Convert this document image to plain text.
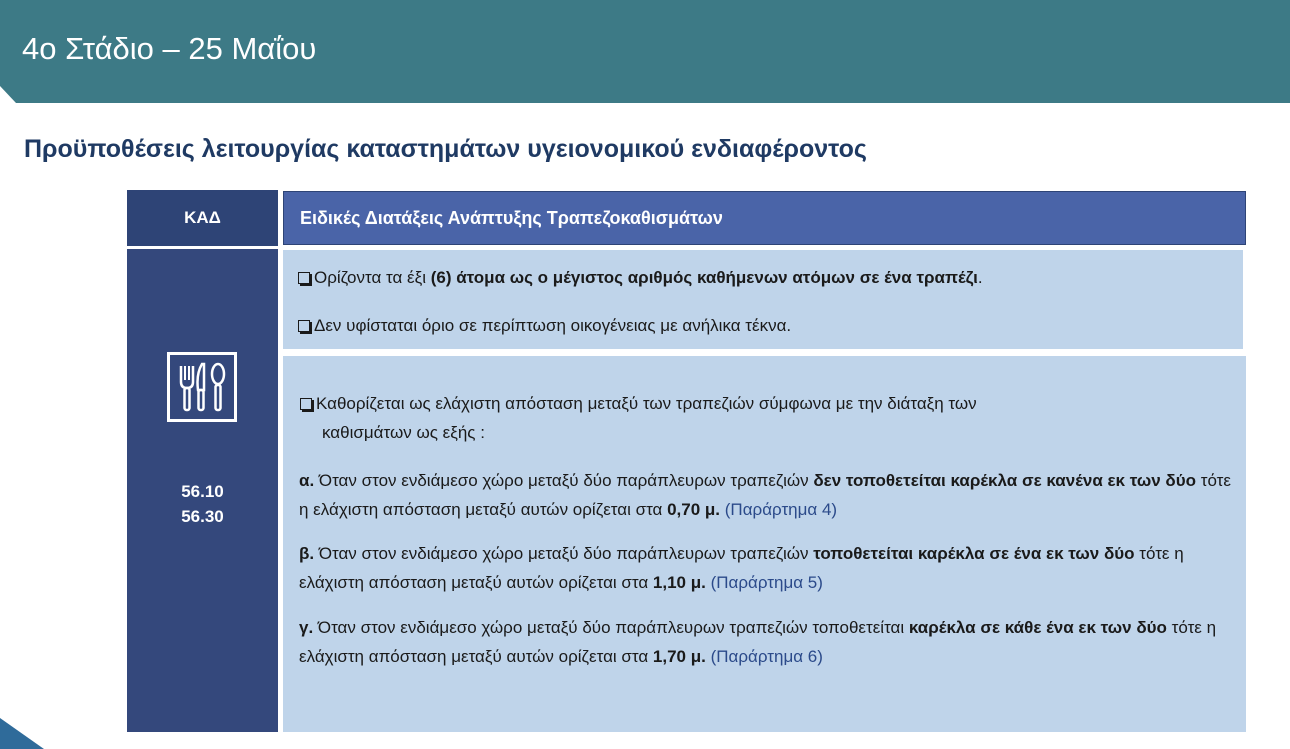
4ο Στάδιο – 25 Μαΐου
Προϋποθέσεις λειτουργίας καταστημάτων υγειονομικού ενδιαφέροντος
ΚΑΔ	Ειδικές Διατάξεις Ανάπτυξης Τραπεζοκαθισμάτων
56.10
56.30

Ορίζοντα τα έξι (6) άτομα ως ο μέγιστος αριθμός καθήμενων ατόμων σε ένα τραπέζι.

Δεν υφίσταται όριο σε περίπτωση οικογένειας με ανήλικα τέκνα.

Καθορίζεται ως ελάχιστη απόσταση μεταξύ των τραπεζιών σύμφωνα με την διάταξη των

καθισμάτων ως εξής :

α. Όταν στον ενδιάμεσο χώρο μεταξύ δύο παράπλευρων τραπεζιών δεν τοποθετείται καρέκλα σε κανένα εκ των δύο τότε η ελάχιστη απόσταση μεταξύ αυτών ορίζεται στα 0,70 μ. (Παράρτημα 4)

β. Όταν στον ενδιάμεσο χώρο μεταξύ δύο παράπλευρων τραπεζιών τοποθετείται καρέκλα σε ένα εκ των δύο τότε η ελάχιστη απόσταση μεταξύ αυτών ορίζεται στα 1,10 μ. (Παράρτημα 5)

γ. Όταν στον ενδιάμεσο χώρο μεταξύ δύο παράπλευρων τραπεζιών τοποθετείται καρέκλα σε κάθε ένα εκ των δύο τότε η ελάχιστη απόσταση μεταξύ αυτών ορίζεται στα 1,70 μ. (Παράρτημα 6)
